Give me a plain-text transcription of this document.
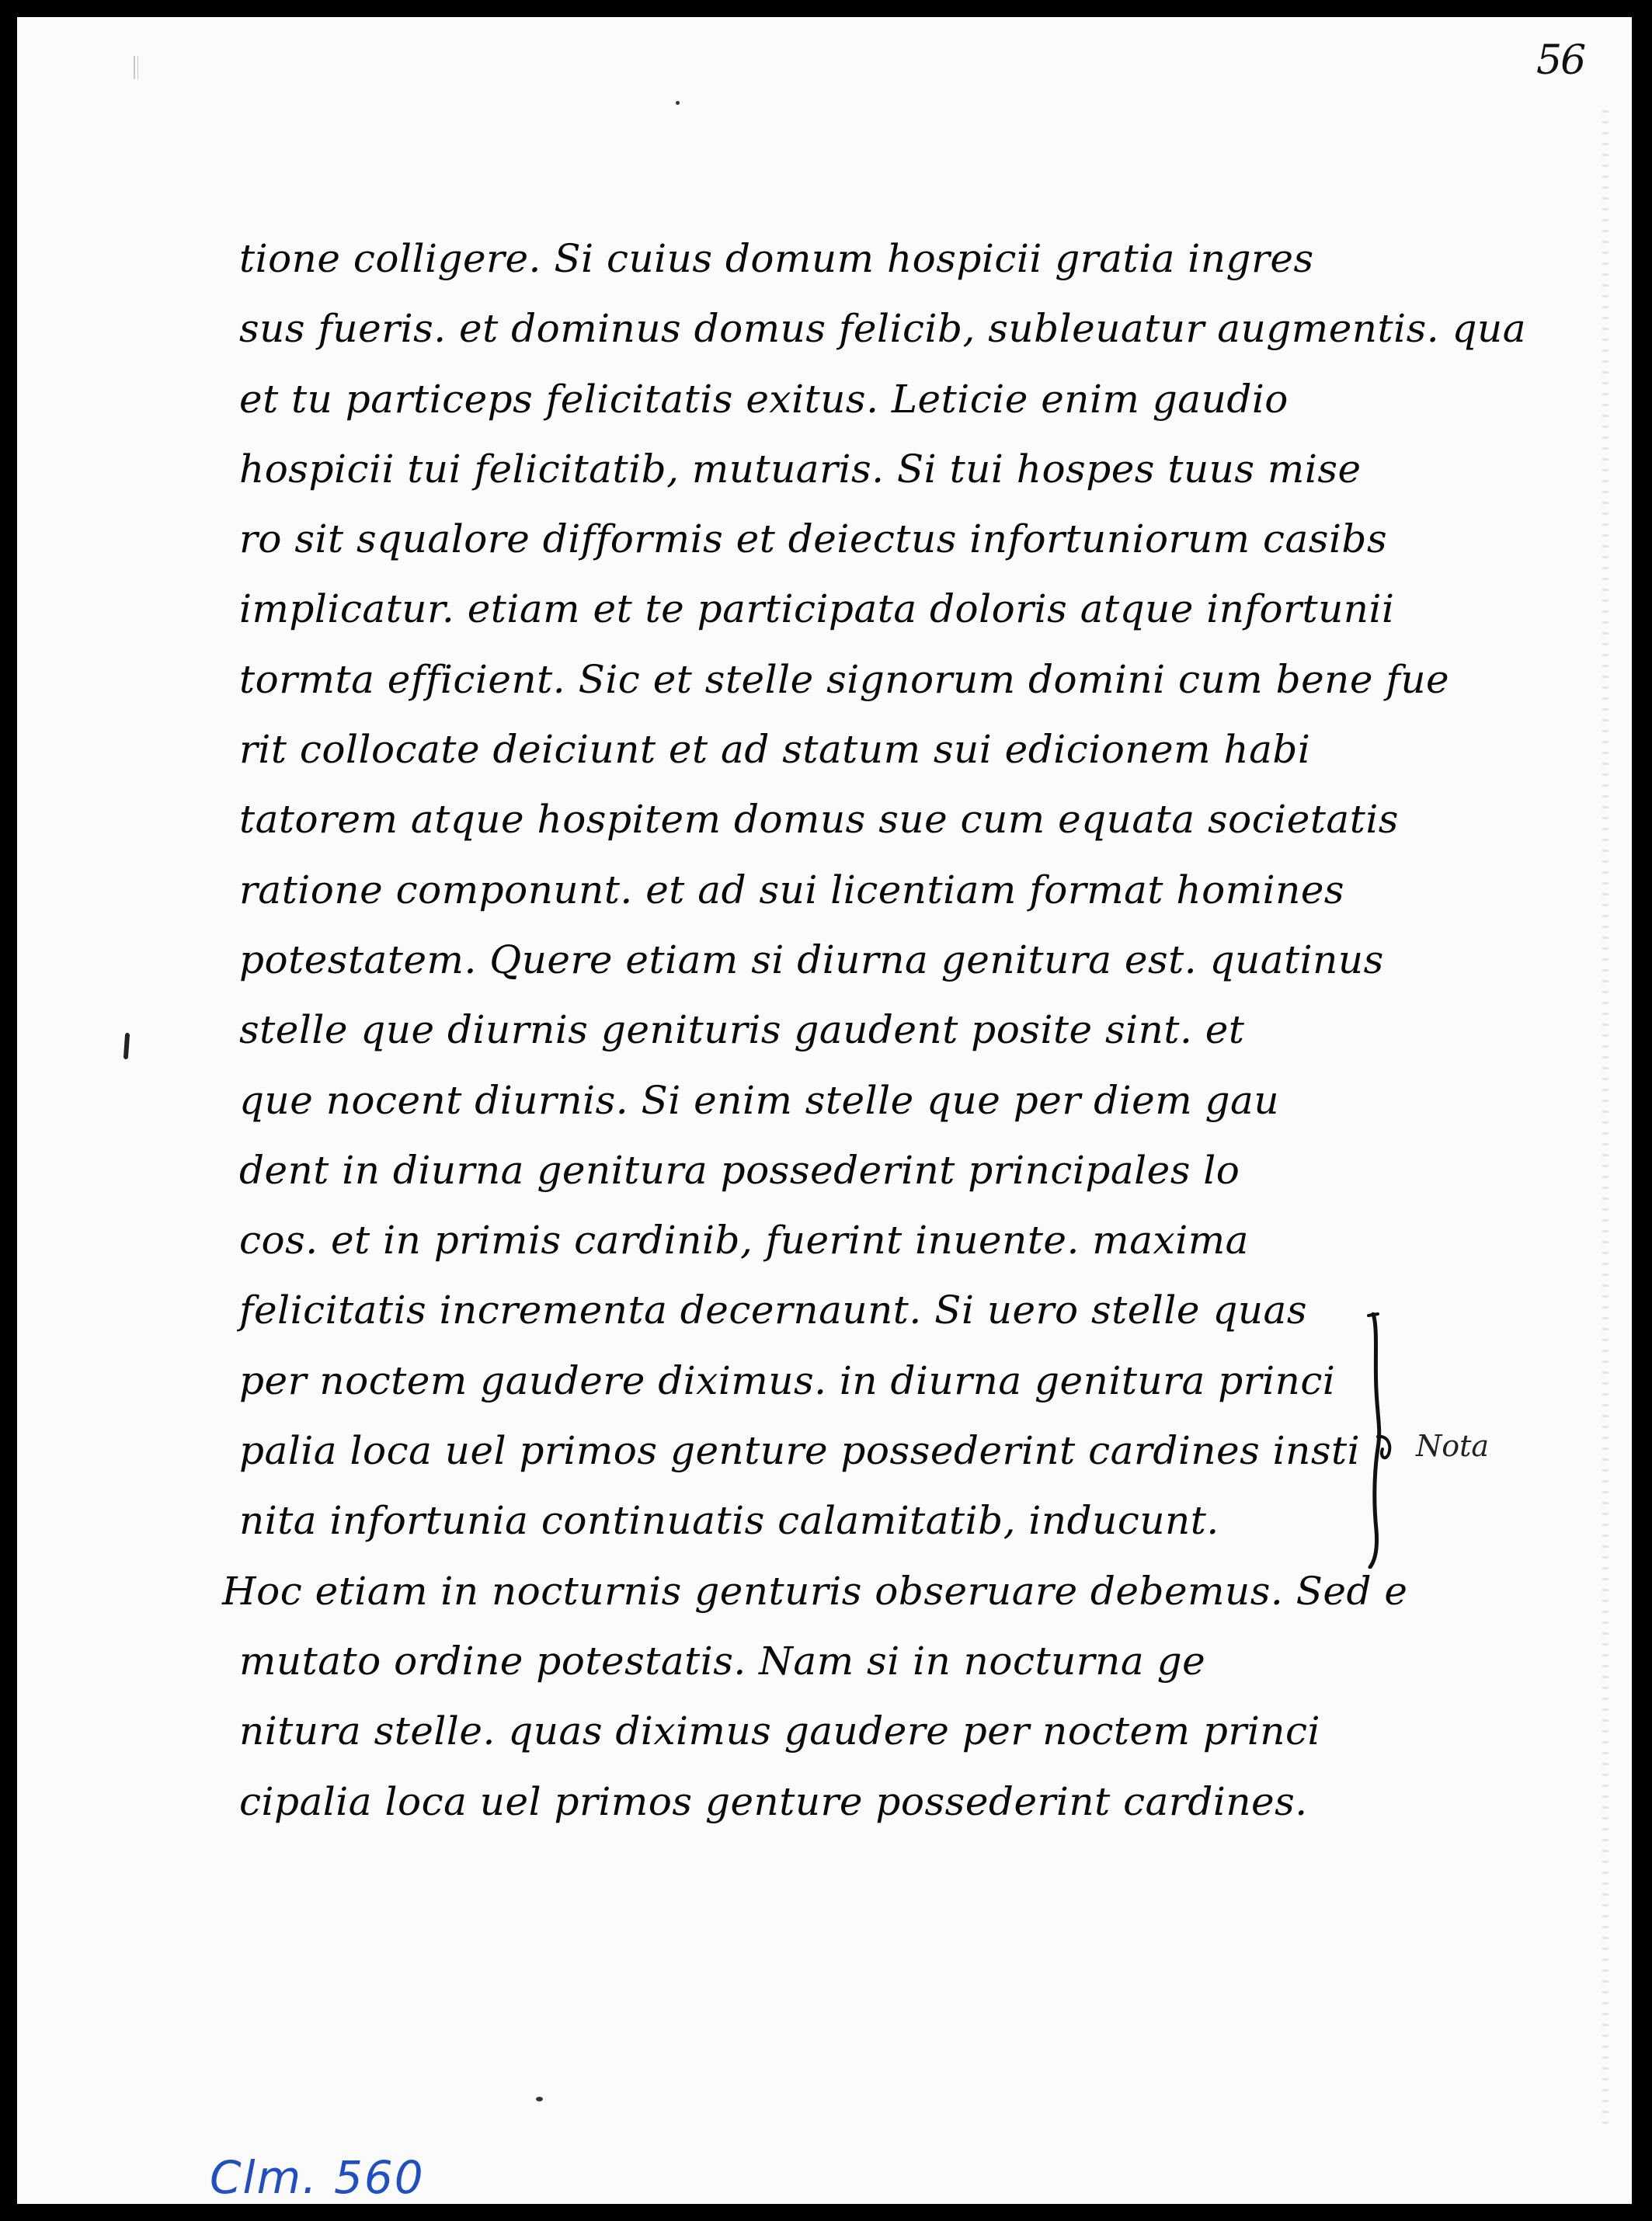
56
tione colligere. Si cuius domum hospicii gratia ingres
sus fueris. et dominus domus felicib, subleuatur augmentis. qua
et tu particeps felicitatis exitus. Leticie enim gaudio
hospicii tui felicitatib, mutuaris. Si tui hospes tuus mise
ro sit squalore difformis et deiectus infortuniorum casibs
implicatur. etiam et te participata doloris atque infortunii
tormta efficient. Sic et stelle signorum domini cum bene fue
rit collocate deiciunt et ad statum sui edicionem habi
tatorem atque hospitem domus sue cum equata societatis
ratione componunt. et ad sui licentiam format homines
potestatem. Quere etiam si diurna genitura est. quatinus
stelle que diurnis genituris gaudent posite sint. et
que nocent diurnis. Si enim stelle que per diem gau
dent in diurna genitura possederint principales lo
cos. et in primis cardinib, fuerint inuente. maxima
felicitatis incrementa decernaunt. Si uero stelle quas
per noctem gaudere diximus. in diurna genitura princi
palia loca uel primos genture possederint cardines insti
nita infortunia continuatis calamitatib, inducunt.
Hoc etiam in nocturnis genturis obseruare debemus. Sed e
mutato ordine potestatis. Nam si in nocturna ge
nitura stelle. quas diximus gaudere per noctem princi
cipalia loca uel primos genture possederint cardines.
Nota
Clm. 560
